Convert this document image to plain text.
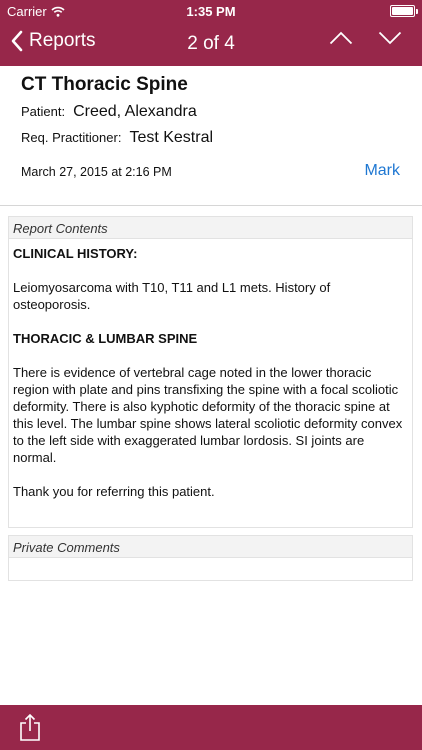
Carrier	1:35 PM
Reports	2 of 4
CT Thoracic Spine
Patient: Creed, Alexandra
Req. Practitioner: Test Kestral
March 27, 2015 at 2:16 PM	Mark
Report Contents

CLINICAL HISTORY:

Leiomyosarcoma with T10, T11 and L1 mets. History of osteoporosis.

THORACIC & LUMBAR SPINE

There is evidence of vertebral cage noted in the lower thoracic region with plate and pins transfixing the spine with a focal scoliotic deformity. There is also kyphotic deformity of the thoracic spine at this level. The lumbar spine shows lateral scoliotic deformity convex to the left side with exaggerated lumbar lordosis. SI joints are normal.

Thank you for referring this patient.

Private Comments
